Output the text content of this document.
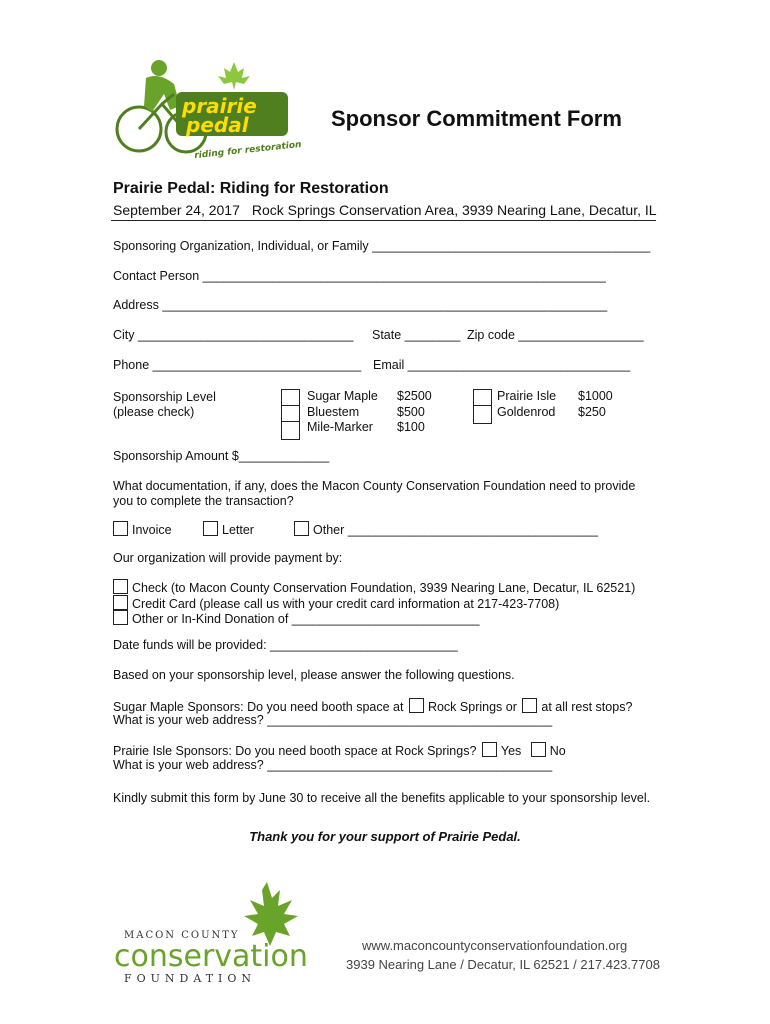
prairie
pedal
riding for restoration
Sponsor Commitment Form
Prairie Pedal: Riding for Restoration
September 24, 2017 Rock Springs Conservation Area, 3939 Nearing Lane, Decatur, IL
Sponsoring Organization, Individual, or Family ________________________________________
Contact Person __________________________________________________________
Address ________________________________________________________________
City _______________________________ State ________ Zip code __________________
Phone ______________________________ Email ________________________________
Sponsorship Level
(please check)
Sugar Maple
Bluestem
Mile-Marker
$2500
$500
$100
Prairie Isle
Goldenrod
$1000
$250
Sponsorship Amount $_____________
What documentation, if any, does the Macon County Conservation Foundation need to provide
you to complete the transaction?
Invoice	Letter	Other ____________________________________
Our organization will provide payment by:
Check (to Macon County Conservation Foundation, 3939 Nearing Lane, Decatur, IL 62521)
Credit Card (please call us with your credit card information at 217-423-7708)
Other or In-Kind Donation of ___________________________
Date funds will be provided: ___________________________
Based on your sponsorship level, please answer the following questions.
Sugar Maple Sponsors: Do you need booth space at Rock Springs or at all rest stops?
What is your web address? _________________________________________
Prairie Isle Sponsors: Do you need booth space at Rock Springs? Yes No
What is your web address? _________________________________________
Kindly submit this form by June 30 to receive all the benefits applicable to your sponsorship level.
Thank you for your support of Prairie Pedal.
MACON COUNTY
conservation
FOUNDATION
www.maconcountyconservationfoundation.org
3939 Nearing Lane / Decatur, IL 62521 / 217.423.7708
